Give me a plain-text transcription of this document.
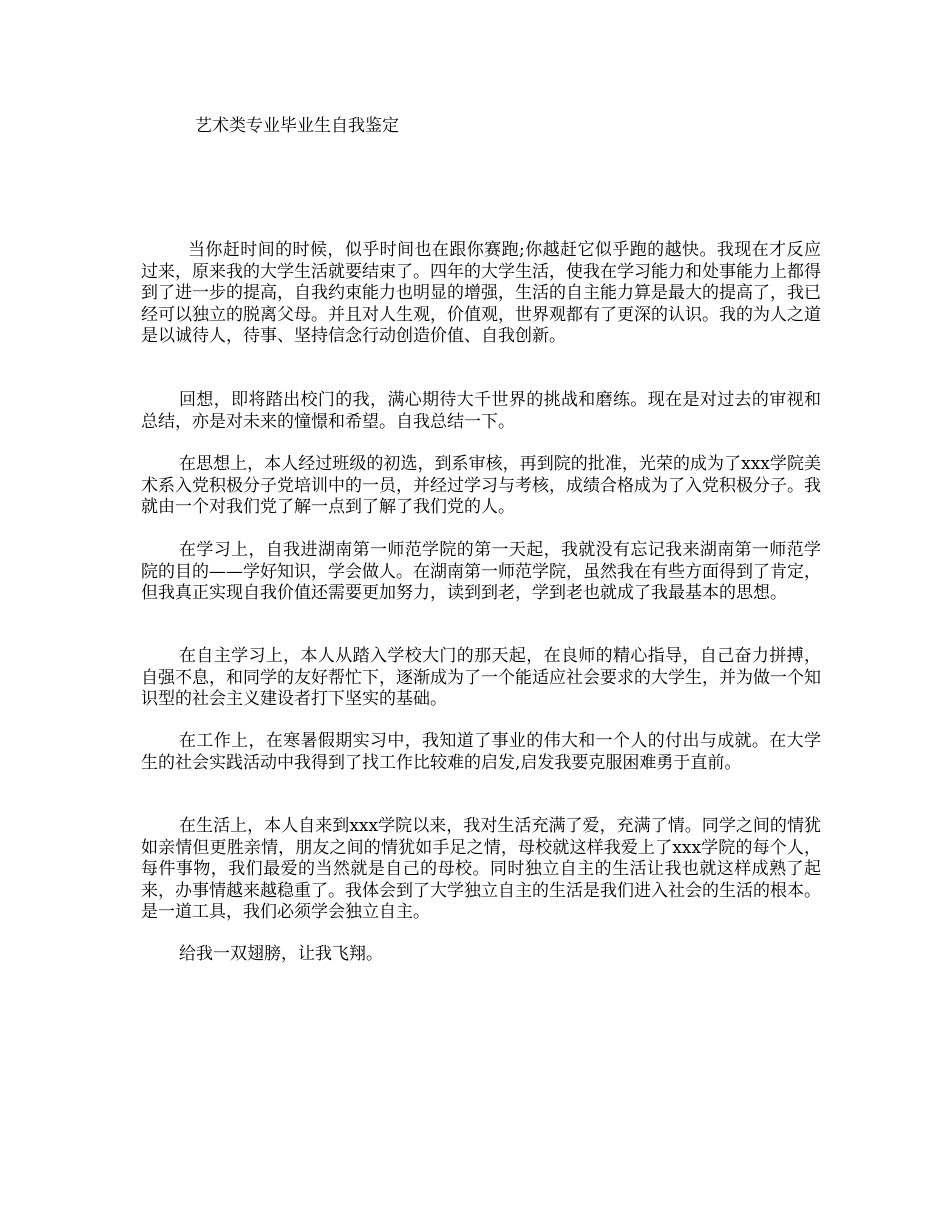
艺术类专业毕业生自我鉴定

当你赶时间的时候，似乎时间也在跟你赛跑;你越赶它似乎跑的越快。我现在才反应过来，原来我的大学生活就要结束了。四年的大学生活，使我在学习能力和处事能力上都得到了进一步的提高，自我约束能力也明显的增强，生活的自主能力算是最大的提高了，我已经可以独立的脱离父母。并且对人生观，价值观，世界观都有了更深的认识。我的为人之道是以诚待人，待事、坚持信念行动创造价值、自我创新。

回想，即将踏出校门的我，满心期待大千世界的挑战和磨练。现在是对过去的审视和总结，亦是对未来的憧憬和希望。自我总结一下。

在思想上，本人经过班级的初选，到系审核，再到院的批准，光荣的成为了xxx学院美术系入党积极分子党培训中的一员，并经过学习与考核，成绩合格成为了入党积极分子。我就由一个对我们党了解一点到了解了我们党的人。

在学习上，自我进湖南第一师范学院的第一天起，我就没有忘记我来湖南第一师范学院的目的——学好知识，学会做人。在湖南第一师范学院，虽然我在有些方面得到了肯定，但我真正实现自我价值还需要更加努力，读到到老，学到老也就成了我最基本的思想。

在自主学习上，本人从踏入学校大门的那天起，在良师的精心指导，自己奋力拼搏，自强不息，和同学的友好帮忙下，逐渐成为了一个能适应社会要求的大学生，并为做一个知识型的社会主义建设者打下坚实的基础。

在工作上，在寒暑假期实习中，我知道了事业的伟大和一个人的付出与成就。在大学生的社会实践活动中我得到了找工作比较难的启发,启发我要克服困难勇于直前。

在生活上，本人自来到xxx学院以来，我对生活充满了爱，充满了情。同学之间的情犹如亲情但更胜亲情，朋友之间的情犹如手足之情，母校就这样我爱上了xxx学院的每个人，每件事物，我们最爱的当然就是自己的母校。同时独立自主的生活让我也就这样成熟了起来，办事情越来越稳重了。我体会到了大学独立自主的生活是我们进入社会的生活的根本。是一道工具，我们必须学会独立自主。

给我一双翅膀，让我飞翔。
